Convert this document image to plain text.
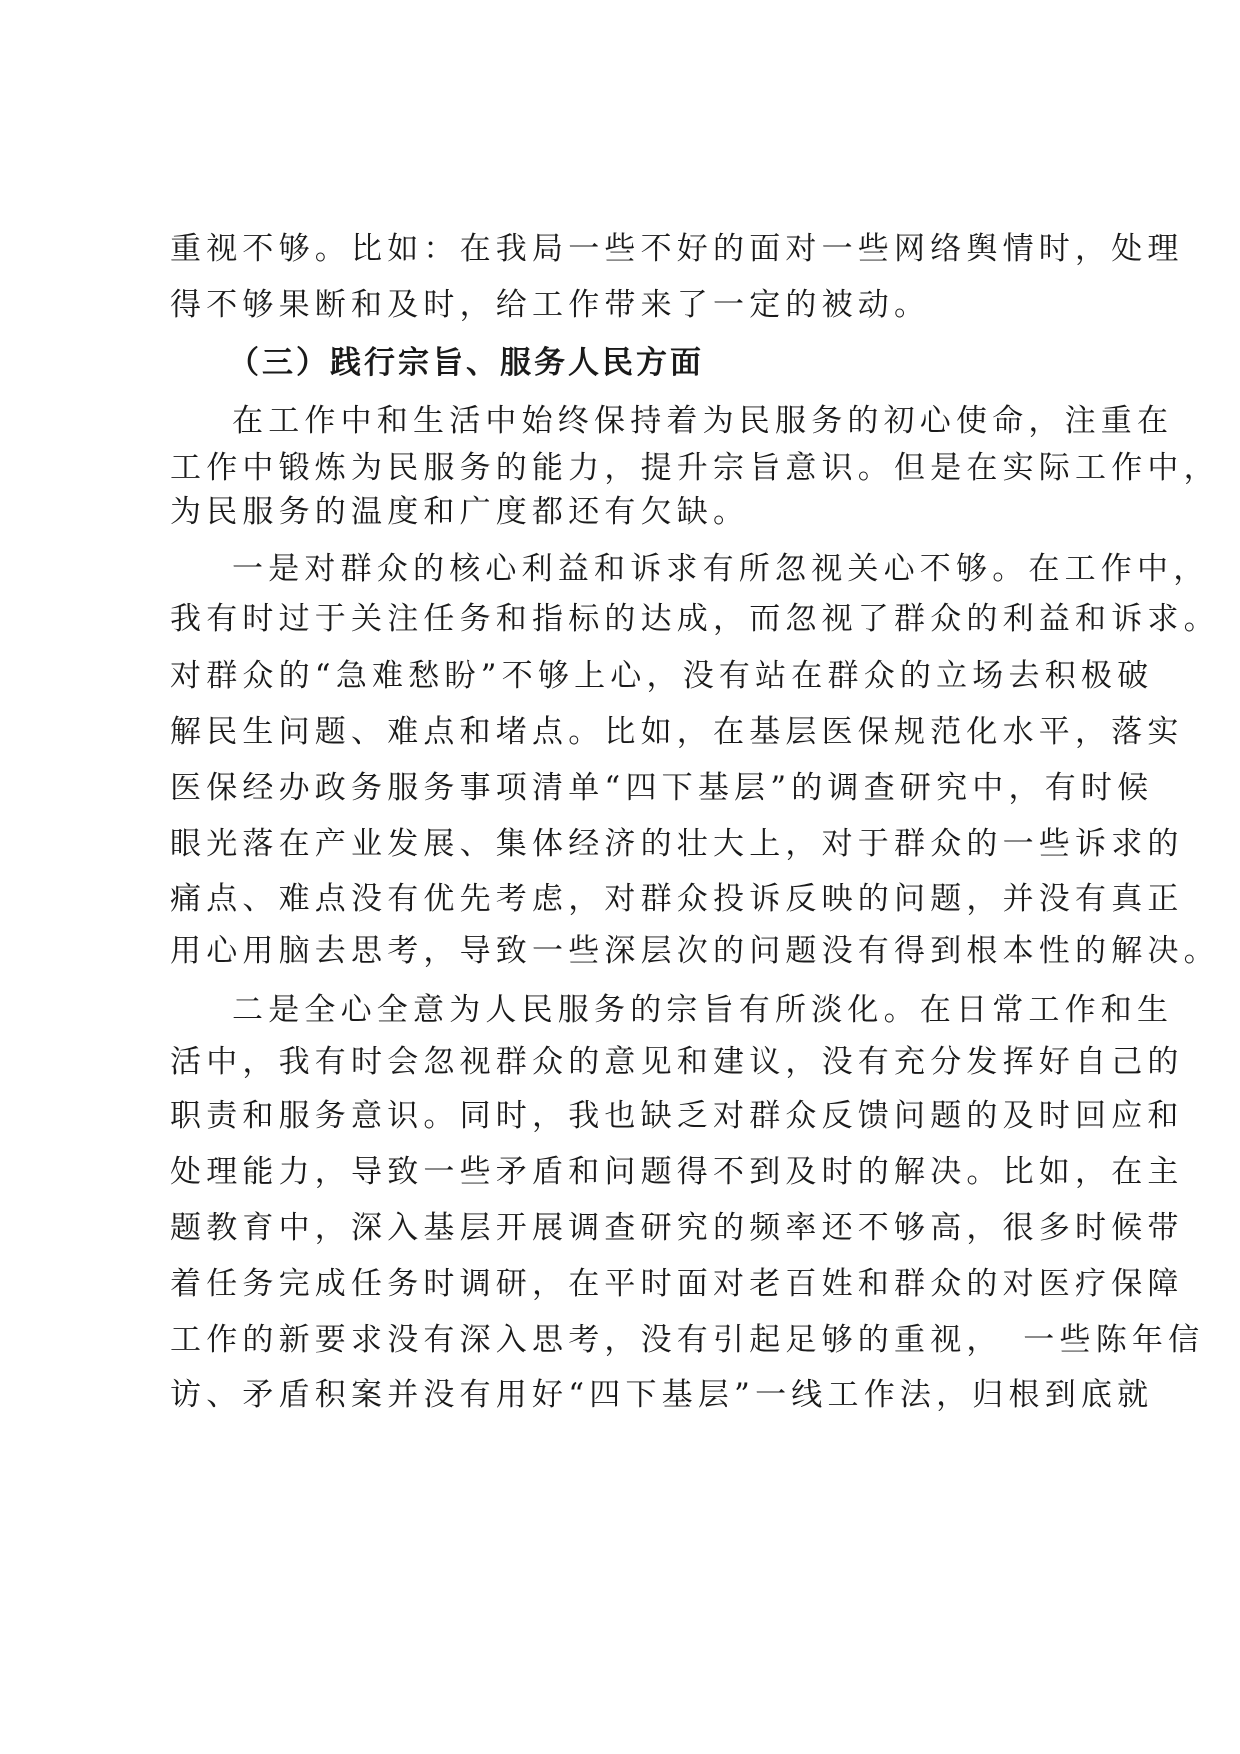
重视不够。比如：在我局一些不好的面对一些网络舆情时，处理
得不够果断和及时，给工作带来了一定的被动。
（三）践行宗旨、服务人民方面
在工作中和生活中始终保持着为民服务的初心使命，注重在
工作中锻炼为民服务的能力，提升宗旨意识。但是在实际工作中，
为民服务的温度和广度都还有欠缺。
一是对群众的核心利益和诉求有所忽视关心不够。在工作中，
我有时过于关注任务和指标的达成，而忽视了群众的利益和诉求。
对群众的“急难愁盼”不够上心，没有站在群众的立场去积极破
解民生问题、难点和堵点。比如，在基层医保规范化水平，落实
医保经办政务服务事项清单“四下基层”的调查研究中，有时候
眼光落在产业发展、集体经济的壮大上，对于群众的一些诉求的
痛点、难点没有优先考虑，对群众投诉反映的问题，并没有真正
用心用脑去思考，导致一些深层次的问题没有得到根本性的解决。
二是全心全意为人民服务的宗旨有所淡化。在日常工作和生
活中，我有时会忽视群众的意见和建议，没有充分发挥好自己的
职责和服务意识。同时，我也缺乏对群众反馈问题的及时回应和
处理能力，导致一些矛盾和问题得不到及时的解决。比如，在主
题教育中，深入基层开展调查研究的频率还不够高，很多时候带
着任务完成任务时调研，在平时面对老百姓和群众的对医疗保障
工作的新要求没有深入思考，没有引起足够的重视，　一些陈年信
访、矛盾积案并没有用好“四下基层”一线工作法，归根到底就
